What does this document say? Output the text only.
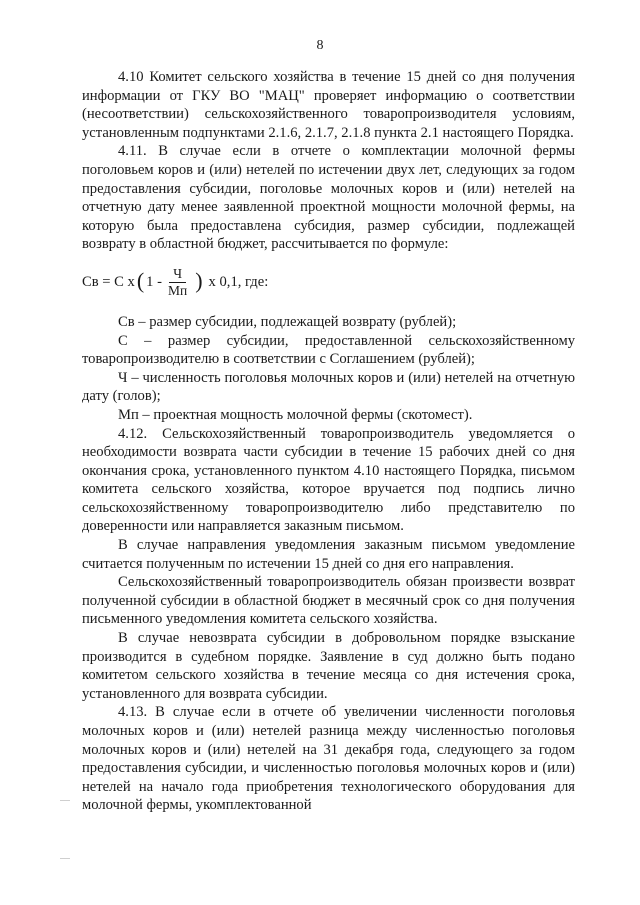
8

4.10 Комитет сельского хозяйства в течение 15 дней со дня получения информации от ГКУ ВО "МАЦ" проверяет информацию о соответствии (несоответствии) сельскохозяйственного товаропроизводителя условиям, установленным подпунктами 2.1.6, 2.1.7, 2.1.8 пункта 2.1 настоящего Порядка.

4.11. В случае если в отчете о комплектации молочной фермы поголовьем коров и (или) нетелей по истечении двух лет, следующих за годом предоставления субсидии, поголовье молочных коров и (или) нетелей на отчетную дату менее заявленной проектной мощности молочной фермы, на которую была предоставлена субсидия, размер субсидии, подлежащей возврату в областной бюджет, рассчитывается по формуле:

Св = С х ( $1 - \frac{Ч}{Мп}$ ) х 0,1, где:

Св – размер субсидии, подлежащей возврату (рублей);

С – размер субсидии, предоставленной сельскохозяйственному товаропроизводителю в соответствии с Соглашением (рублей);

Ч – численность поголовья молочных коров и (или) нетелей на отчетную дату (голов);

Мп – проектная мощность молочной фермы (скотомест).

4.12. Сельскохозяйственный товаропроизводитель уведомляется о необходимости возврата части субсидии в течение 15 рабочих дней со дня окончания срока, установленного пунктом 4.10 настоящего Порядка, письмом комитета сельского хозяйства, которое вручается под подпись лично сельскохозяйственному товаропроизводителю либо представителю по доверенности или направляется заказным письмом.

В случае направления уведомления заказным письмом уведомление считается полученным по истечении 15 дней со дня его направления.

Сельскохозяйственный товаропроизводитель обязан произвести возврат полученной субсидии в областной бюджет в месячный срок со дня получения письменного уведомления комитета сельского хозяйства.

В случае невозврата субсидии в добровольном порядке взыскание производится в судебном порядке. Заявление в суд должно быть подано комитетом сельского хозяйства в течение месяца со дня истечения срока, установленного для возврата субсидии.

4.13. В случае если в отчете об увеличении численности поголовья молочных коров и (или) нетелей разница между численностью поголовья молочных коров и (или) нетелей на 31 декабря года, следующего за годом предоставления субсидии, и численностью поголовья молочных коров и (или) нетелей на начало года приобретения технологического оборудования для молочной фермы, укомплектованной
